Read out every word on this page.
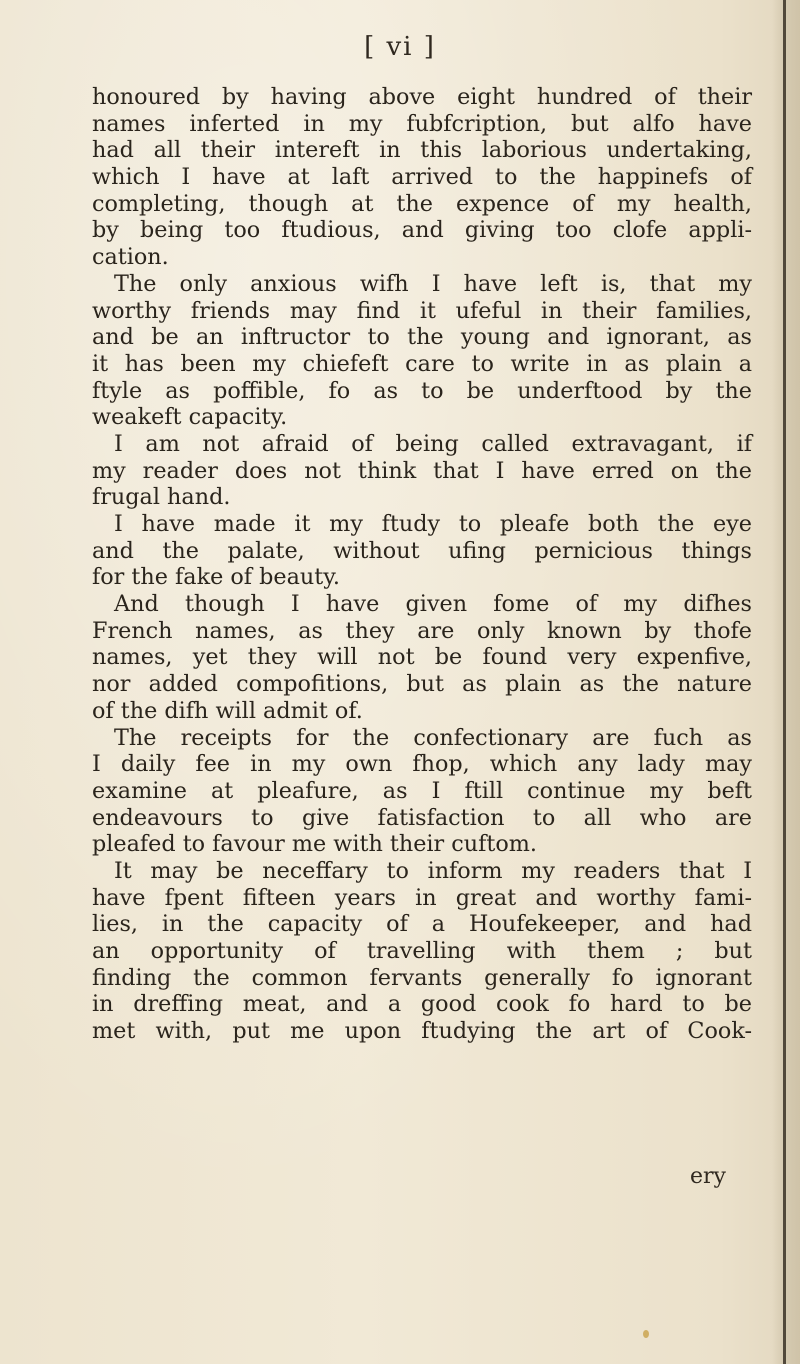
[ vi ]
honoured by having above eight hundred of their
names inferted in my fubfcription, but alfo have
had all their intereft in this laborious undertaking,
which I have at laft arrived to the happinefs of
completing, though at the expence of my health,
by being too ftudious, and giving too clofe appli-
cation.
The only anxious wifh I have left is, that my
worthy friends may find it ufeful in their families,
and be an inftructor to the young and ignorant, as
it has been my chiefeft care to write in as plain a
ftyle as poffible, fo as to be underftood by the
weakeft capacity.
I am not afraid of being called extravagant, if
my reader does not think that I have erred on the
frugal hand.
I have made it my ftudy to pleafe both the eye
and the palate, without ufing pernicious things
for the fake of beauty.
And though I have given fome of my difhes
French names, as they are only known by thofe
names, yet they will not be found very expenfive,
nor added compofitions, but as plain as the nature
of the difh will admit of.
The receipts for the confectionary are fuch as
I daily fee in my own fhop, which any lady may
examine at pleafure, as I ftill continue my beft
endeavours to give fatisfaction to all who are
pleafed to favour me with their cuftom.
It may be neceffary to inform my readers that I
have fpent fifteen years in great and worthy fami-
lies, in the capacity of a Houfekeeper, and had
an opportunity of travelling with them ; but
finding the common fervants generally fo ignorant
in dreffing meat, and a good cook fo hard to be
met with, put me upon ftudying the art of Cook-
ery
